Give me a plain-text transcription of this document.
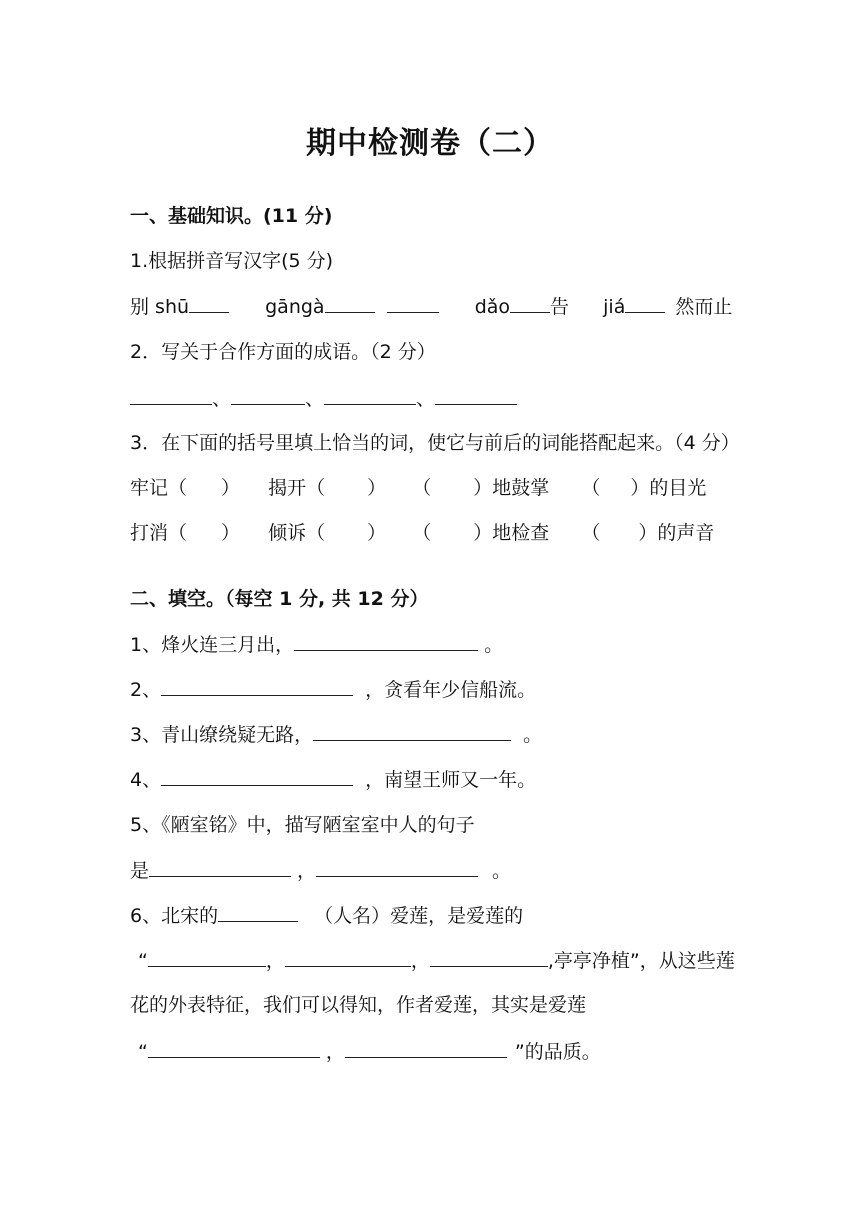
期中检测卷（二）
一、基础知识。(11 分)
1.根据拼音写汉字(5 分)
别 shū	gāngà	dǎo 告 jiá	然而止
2．写关于合作方面的成语。（2 分）
、	、	、
3．在下面的括号里填上恰当的词，使它与前后的词能搭配起来。（4 分）
牢记（ ） 揭开（ ） （ ）地鼓掌 （ ）的目光
打消（ ） 倾诉（ ） （ ）地检查 （ ）的声音
二、填空。（每空 1 分, 共 12 分）
1、烽火连三月出，	。
2、	，贪看年少信船流。
3、青山缭绕疑无路，	。
4、	，南望王师又一年。
5、《陋室铭》中，描写陋室室中人的句子
是	，	。
6、北宋的	（人名）爱莲，是爱莲的
“	，	，	,亭亭净植”，从这些莲
花的外表特征，我们可以得知，作者爱莲，其实是爱莲
“	，	”的品质。
